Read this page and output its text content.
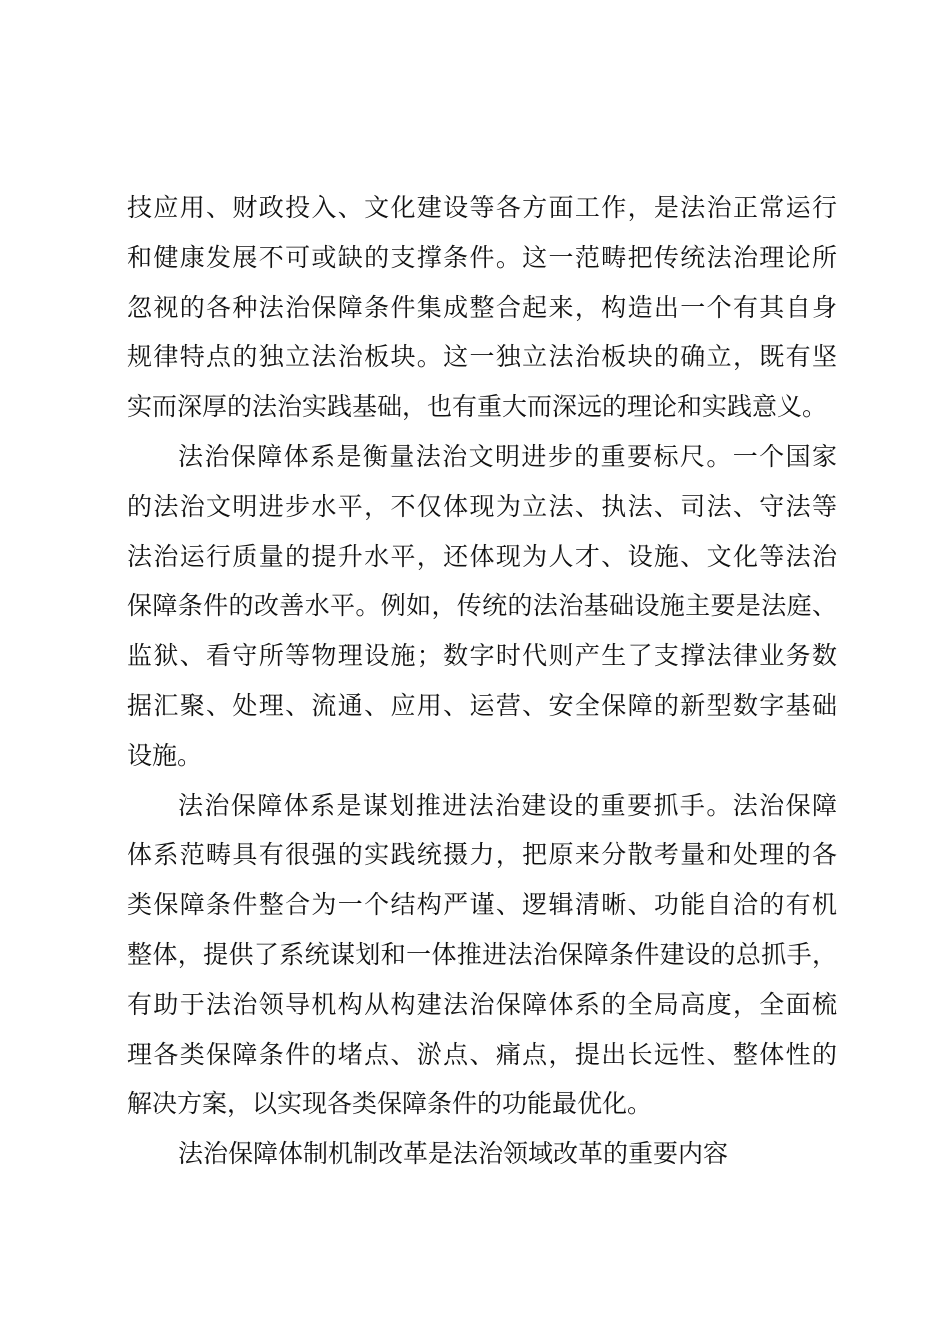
技应用、财政投入、文化建设等各方面工作，是法治正常运行
和健康发展不可或缺的支撑条件。这一范畴把传统法治理论所
忽视的各种法治保障条件集成整合起来，构造出一个有其自身
规律特点的独立法治板块。这一独立法治板块的确立，既有坚
实而深厚的法治实践基础，也有重大而深远的理论和实践意义。
法治保障体系是衡量法治文明进步的重要标尺。一个国家
的法治文明进步水平，不仅体现为立法、执法、司法、守法等
法治运行质量的提升水平，还体现为人才、设施、文化等法治
保障条件的改善水平。例如，传统的法治基础设施主要是法庭、
监狱、看守所等物理设施；数字时代则产生了支撑法律业务数
据汇聚、处理、流通、应用、运营、安全保障的新型数字基础
设施。
法治保障体系是谋划推进法治建设的重要抓手。法治保障
体系范畴具有很强的实践统摄力，把原来分散考量和处理的各
类保障条件整合为一个结构严谨、逻辑清晰、功能自洽的有机
整体，提供了系统谋划和一体推进法治保障条件建设的总抓手，
有助于法治领导机构从构建法治保障体系的全局高度，全面梳
理各类保障条件的堵点、淤点、痛点，提出长远性、整体性的
解决方案，以实现各类保障条件的功能最优化。
法治保障体制机制改革是法治领域改革的重要内容
